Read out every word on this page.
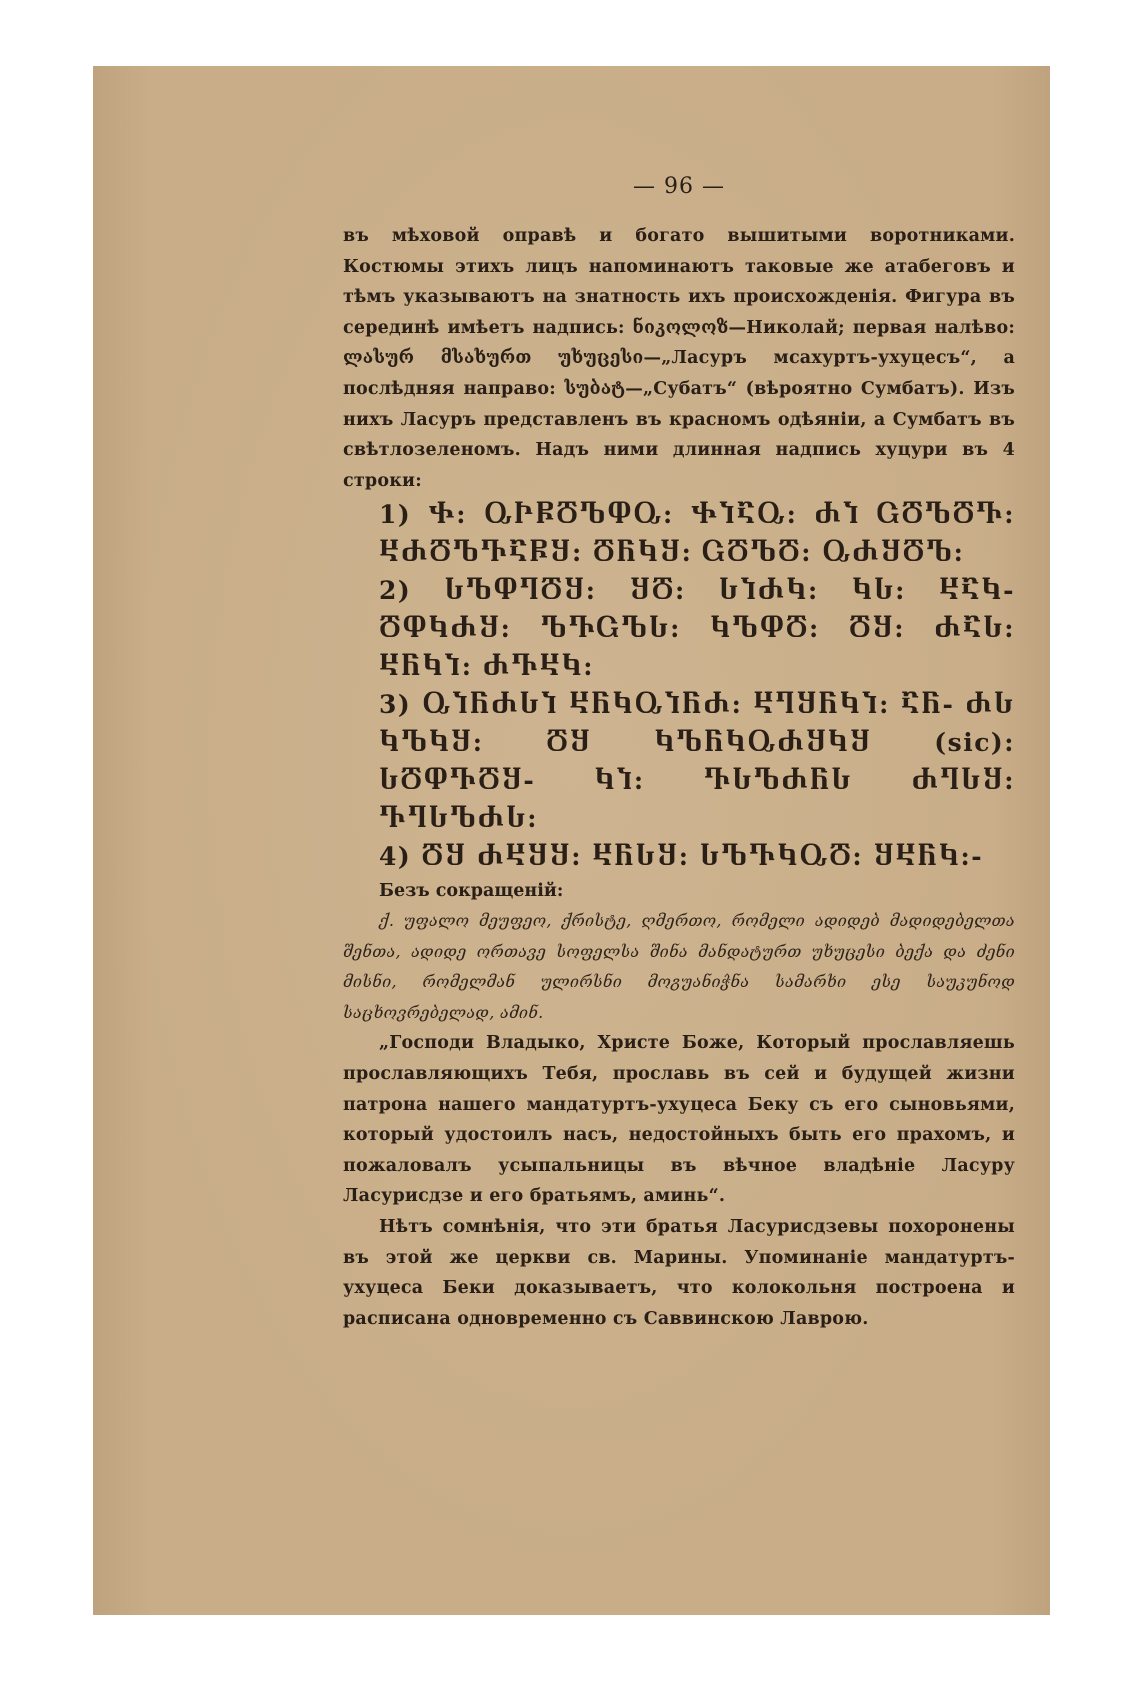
— 96 —
въ мѣховой оправѣ и богато вышитыми воротниками. Костюмы этихъ лицъ напоминаютъ таковые же атабеговъ и тѣмъ указываютъ на знатность ихъ происхожденія. Фигура въ серединѣ имѣетъ надпись: ნიკოლოზ—Николай; первая налѣво: ლასურ მსახურთ უხუცესი—„Ласуръ мсахуртъ-ухуцесъ“, а послѣдняя направо: სუბატ—„Субатъ“ (вѣроятно Сумбатъ). Изъ нихъ Ласуръ представленъ въ красномъ одѣяніи, а Сумбатъ въ свѣтлозеленомъ. Надъ ними длинная надпись хуцури въ 4 строки:
1) Ⴕ: ႭჁႼႣႪႴႭ: ႵႨႠႭ: ႻႨ ႺႣႪႣႥ: ႾႻႣႪႥႠႼႸ: ႣႬႩႸ: ႺႣႪႣ: ႭႻႸႣႪ:
2) ႱႪႴႤႣႸ: ႸႣ: ႱႨႻႩ: ႩႱ: ႾႠႩ- ႣႴႩႻႸ: ႪႥႺႪႱ: ႩႪႴႣ: ႣႸ: ႻႠႱ: ႾႬႩႨ: ႻႥႾႩ:
3) ႭႨႬႻႱႨ ႾႬႩႭႨႬႻ: ႾႤႸႬႩႨ: ႠႬ- ႻႱ ႩႪႩႸ: ႣႸ ႩႪႬႩႭႻႸႩႸ (sic): ႱႣႴႥႣႸ- ႩႨ: ႥႱႪႻႬႱ ႻႤႱႸ: ႥႤႱႪႻႱ:
4) ႣႸ ႻႾႸႸ: ႾႬႱႸ: ႱႪႥႩႭႣ: ႸႾႬႩ:-
Безъ сокращеній:
ქ. უფალო მეუფეო, ქრისტე, ღმერთო, რომელი ადიდებ მადიდებელთა შენთა, ადიდე ორთავე სოფელსა შინა მანდატურთ უხუცესი ბექა და ძენი მისნი, რომელმან ულირსნი მოგუანიჭნა სამარხი ესე საუკუნოდ საცხოვრებელად, ამინ.
„Господи Владыко, Христе Боже, Который прославляешь прославляющихъ Тебя, прославь въ сей и будущей жизни патрона нашего мандатуртъ-ухуцеса Беку съ его сыновьями, который удостоилъ насъ, недостойныхъ быть его прахомъ, и пожаловалъ усыпальницы въ вѣчное владѣніе Ласуру Ласурисдзе и его братьямъ, аминь“.
Нѣтъ сомнѣнія, что эти братья Ласурисдзевы похоронены въ этой же церкви св. Марины. Упоминаніе мандатуртъ-ухуцеса Беки доказываетъ, что колокольня построена и расписана одновременно съ Саввинскою Лаврою.
